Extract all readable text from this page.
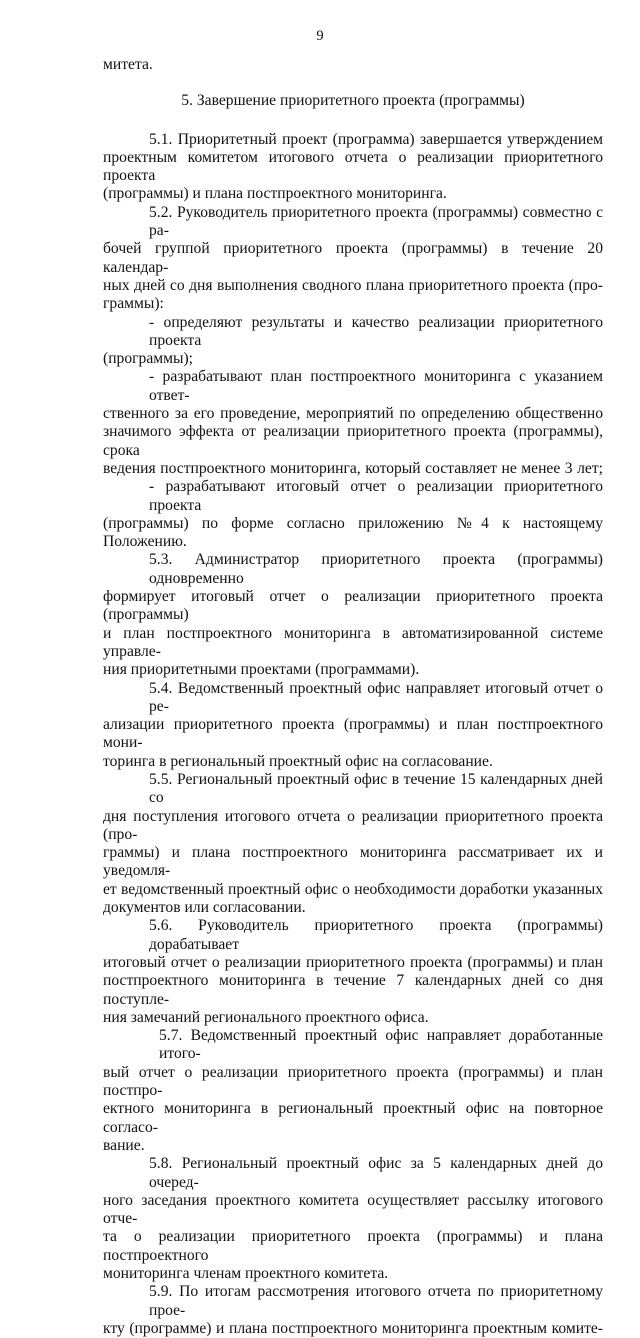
9
митета.
5. Завершение приоритетного проекта (программы)
5.1. Приоритетный проект (программа) завершается утверждением
проектным комитетом итогового отчета о реализации приоритетного проекта
(программы) и плана постпроектного мониторинга.
5.2. Руководитель приоритетного проекта (программы) совместно с ра-
бочей группой приоритетного проекта (программы) в течение 20 календар-
ных дней со дня выполнения сводного плана приоритетного проекта (про-
граммы):
- определяют результаты и качество реализации приоритетного проекта
(программы);
- разрабатывают план постпроектного мониторинга с указанием ответ-
ственного за его проведение, мероприятий по определению общественно
значимого эффекта от реализации приоритетного проекта (программы), срока
ведения постпроектного мониторинга, который составляет не менее 3 лет;
- разрабатывают итоговый отчет о реализации приоритетного проекта
(программы) по форме согласно приложению №4 к настоящему Положению.
5.3. Администратор приоритетного проекта (программы) одновременно
формирует итоговый отчет о реализации приоритетного проекта (программы)
и план постпроектного мониторинга в автоматизированной системе управле-
ния приоритетными проектами (программами).
5.4. Ведомственный проектный офис направляет итоговый отчет о ре-
ализации приоритетного проекта (программы) и план постпроектного мони-
торинга в региональный проектный офис на согласование.
5.5. Региональный проектный офис в течение 15 календарных дней со
дня поступления итогового отчета о реализации приоритетного проекта (про-
граммы) и плана постпроектного мониторинга рассматривает их и уведомля-
ет ведомственный проектный офис о необходимости доработки указанных
документов или согласовании.
5.6. Руководитель приоритетного проекта (программы) дорабатывает
итоговый отчет о реализации приоритетного проекта (программы) и план
постпроектного мониторинга в течение 7 календарных дней со дня поступле-
ния замечаний регионального проектного офиса.
5.7. Ведомственный проектный офис направляет доработанные итого-
вый отчет о реализации приоритетного проекта (программы) и план постпро-
ектного мониторинга в региональный проектный офис на повторное согласо-
вание.
5.8. Региональный проектный офис за 5 календарных дней до очеред-
ного заседания проектного комитета осуществляет рассылку итогового отче-
та о реализации приоритетного проекта (программы) и плана постпроектного
мониторинга членам проектного комитета.
5.9. По итогам рассмотрения итогового отчета по приоритетному прое-
кту (программе) и плана постпроектного мониторинга проектным комите-
